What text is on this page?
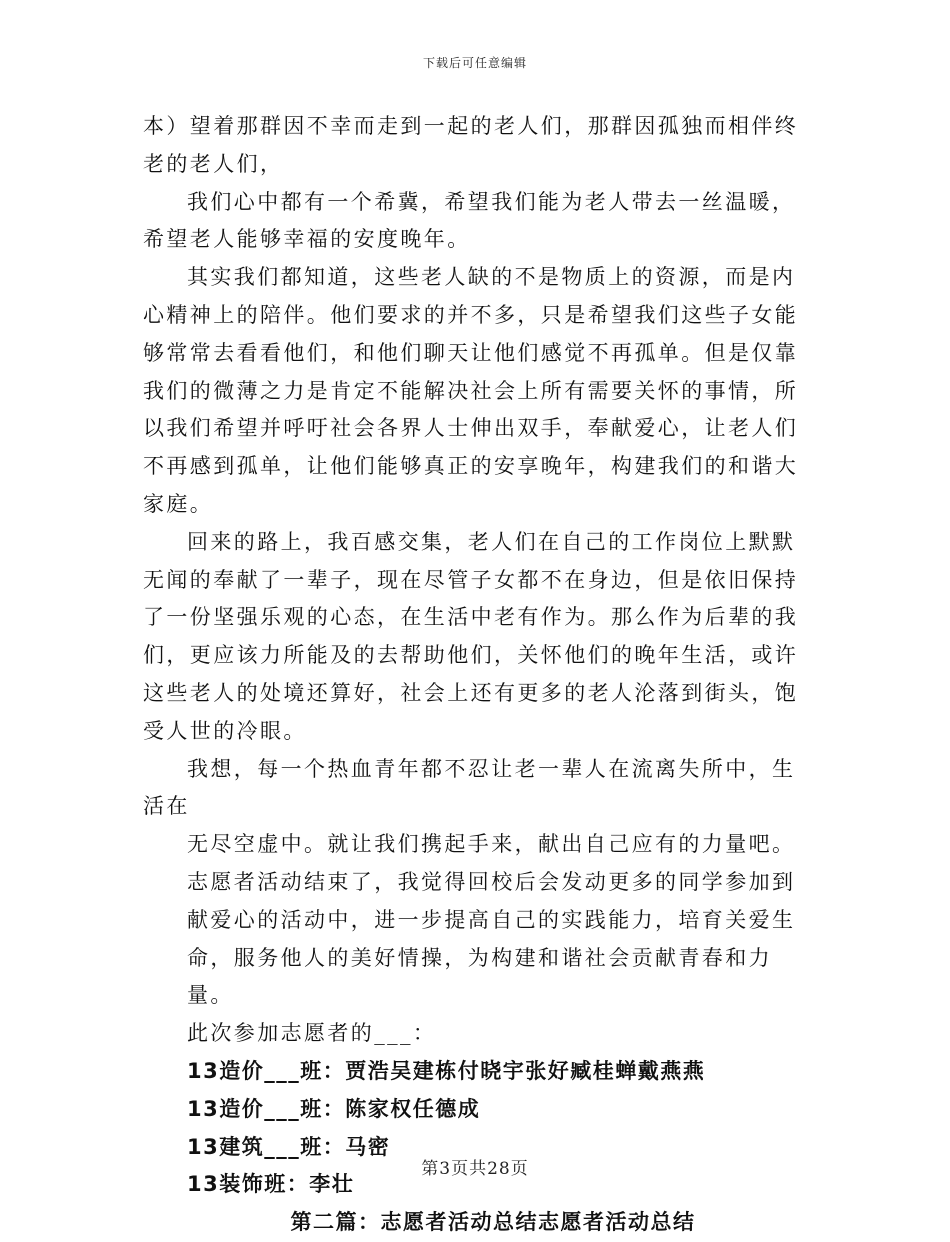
下载后可任意编辑

本）望着那群因不幸而走到一起的老人们，那群因孤独而相伴终老的老人们，

我们心中都有一个希冀，希望我们能为老人带去一丝温暖，希望老人能够幸福的安度晚年。

其实我们都知道，这些老人缺的不是物质上的资源，而是内心精神上的陪伴。他们要求的并不多，只是希望我们这些子女能够常常去看看他们，和他们聊天让他们感觉不再孤单。但是仅靠我们的微薄之力是肯定不能解决社会上所有需要关怀的事情，所以我们希望并呼吁社会各界人士伸出双手，奉献爱心，让老人们不再感到孤单，让他们能够真正的安享晚年，构建我们的和谐大家庭。

回来的路上，我百感交集，老人们在自己的工作岗位上默默无闻的奉献了一辈子，现在尽管子女都不在身边，但是依旧保持了一份坚强乐观的心态，在生活中老有作为。那么作为后辈的我们，更应该力所能及的去帮助他们，关怀他们的晚年生活，或许这些老人的处境还算好，社会上还有更多的老人沦落到街头，饱受人世的冷眼。

我想，每一个热血青年都不忍让老一辈人在流离失所中，生活在

无尽空虚中。就让我们携起手来，献出自己应有的力量吧。志愿者活动结束了，我觉得回校后会发动更多的同学参加到献爱心的活动中，进一步提高自己的实践能力，培育关爱生命，服务他人的美好情操，为构建和谐社会贡献青春和力量。

此次参加志愿者的___：

13造价___班：贾浩吴建栋付晓宇张好臧桂蝉戴燕燕

13造价___班：陈家权任德成

13建筑___班：马密

13装饰班：李壮

第二篇：志愿者活动总结志愿者活动总结

第3页共28页
